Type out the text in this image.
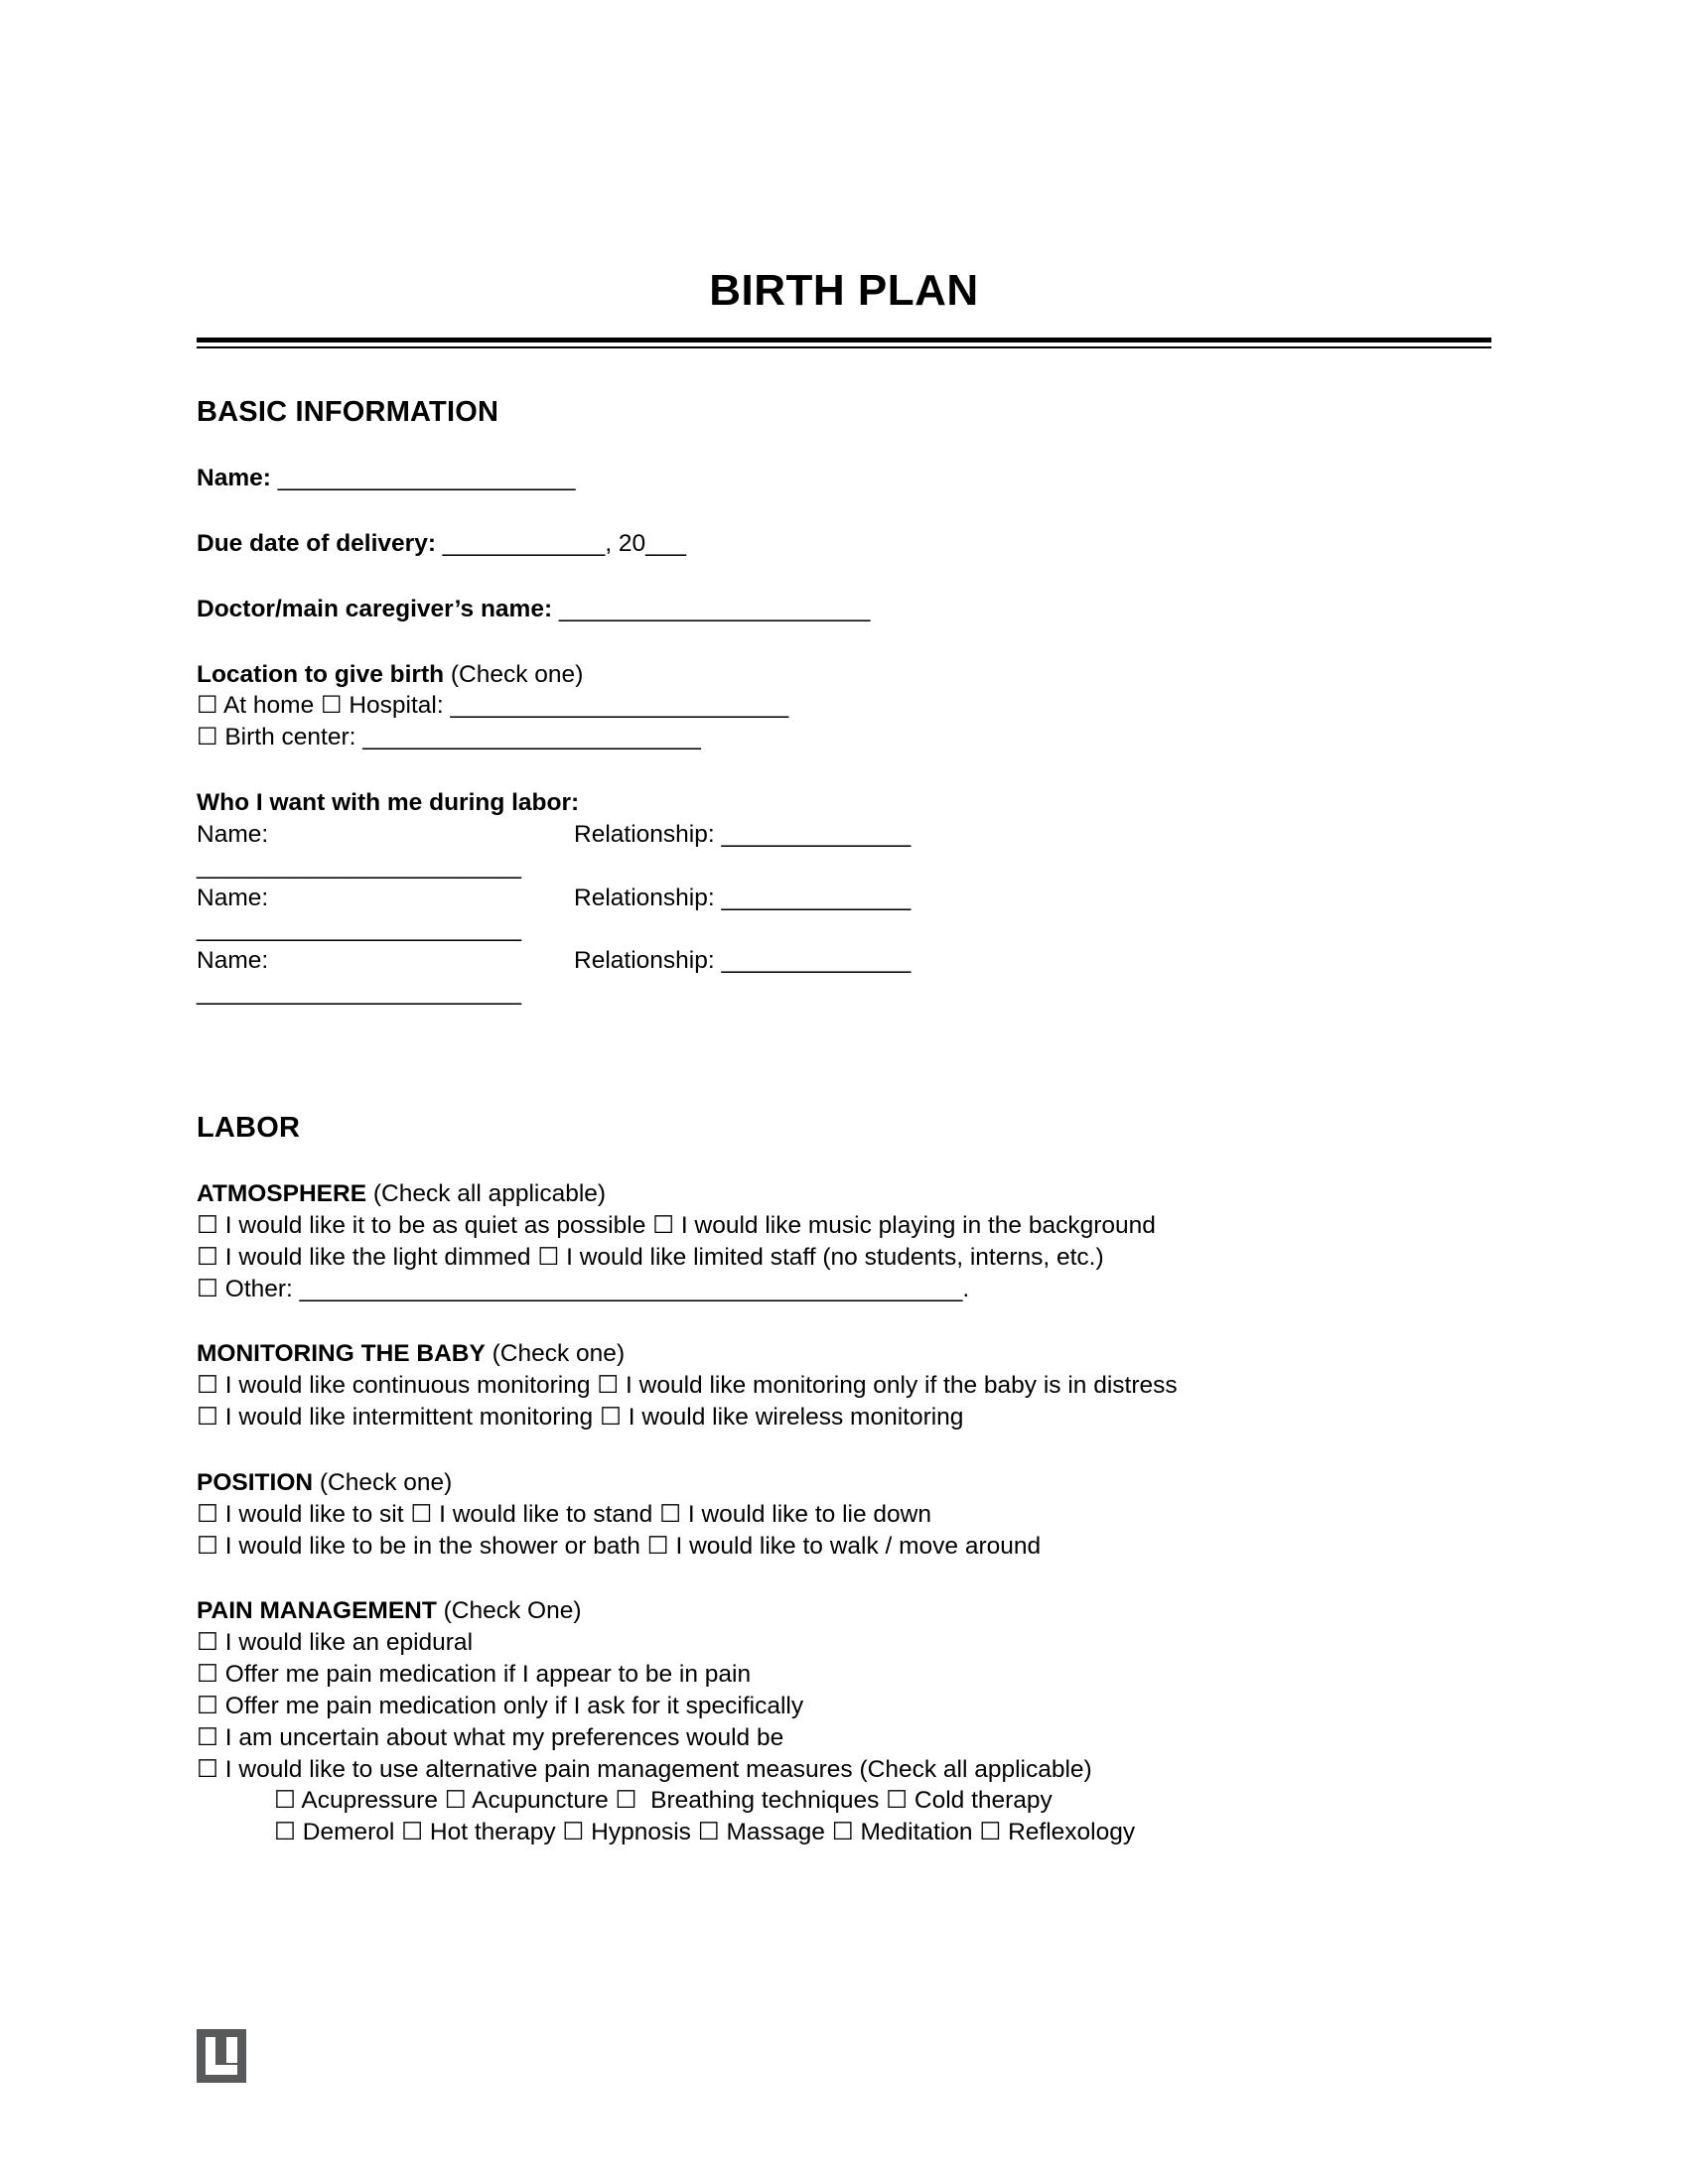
BIRTH PLAN
BASIC INFORMATION

Name: ______________________

Due date of delivery: ____________, 20___

Doctor/main caregiver’s name: _______________________

Location to give birth (Check one)

☐ At home ☐ Hospital: _________________________

☐ Birth center: _________________________

Who I want with me during labor:

Name: ________________________
Relationship: ______________

Name: ________________________
Relationship: ______________

Name: ________________________
Relationship: ______________

LABOR

ATMOSPHERE (Check all applicable)

☐ I would like it to be as quiet as possible ☐ I would like music playing in the background

☐ I would like the light dimmed ☐ I would like limited staff (no students, interns, etc.)

☐ Other: _________________________________________________.

MONITORING THE BABY (Check one)

☐ I would like continuous monitoring ☐ I would like monitoring only if the baby is in distress

☐ I would like intermittent monitoring ☐ I would like wireless monitoring

POSITION (Check one)

☐ I would like to sit ☐ I would like to stand ☐ I would like to lie down

☐ I would like to be in the shower or bath ☐ I would like to walk / move around

PAIN MANAGEMENT (Check One)

☐ I would like an epidural

☐ Offer me pain medication if I appear to be in pain

☐ Offer me pain medication only if I ask for it specifically

☐ I am uncertain about what my preferences would be

☐ I would like to use alternative pain management measures (Check all applicable)

☐ Acupressure ☐ Acupuncture ☐  Breathing techniques ☐ Cold therapy

☐ Demerol ☐ Hot therapy ☐ Hypnosis ☐ Massage ☐ Meditation ☐ Reflexology
